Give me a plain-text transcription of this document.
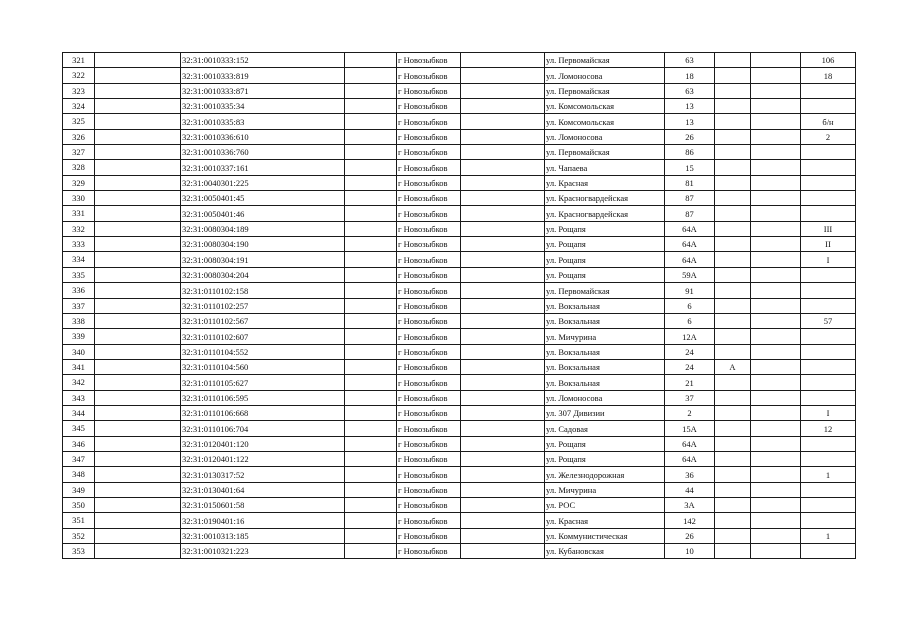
321		32:31:0010333:152		г Новозыбков		ул. Первомайская	63			106
322		32:31:0010333:819		г Новозыбков		ул. Ломоносова	18			18
323		32:31:0010333:871		г Новозыбков		ул. Первомайская	63			
324		32:31:0010335:34		г Новозыбков		ул. Комсомольская	13			
325		32:31:0010335:83		г Новозыбков		ул. Комсомольская	13			б/н
326		32:31:0010336:610		г Новозыбков		ул. Ломоносова	26			2
327		32:31:0010336:760		г Новозыбков		ул. Первомайская	86			
328		32:31:0010337:161		г Новозыбков		ул. Чапаева	15			
329		32:31:0040301:225		г Новозыбков		ул. Красная	81			
330		32:31:0050401:45		г Новозыбков		ул. Красногвардейская	87			
331		32:31:0050401:46		г Новозыбков		ул. Красногвардейская	87			
332		32:31:0080304:189		г Новозыбков		ул. Рощапя	64А			III
333		32:31:0080304:190		г Новозыбков		ул. Рощапя	64А			II
334		32:31:0080304:191		г Новозыбков		ул. Рощапя	64А			I
335		32:31:0080304:204		г Новозыбков		ул. Рощапя	59А			
336		32:31:0110102:158		г Новозыбков		ул. Первомайская	91			
337		32:31:0110102:257		г Новозыбков		ул. Вокзальная	6			
338		32:31:0110102:567		г Новозыбков		ул. Вокзальная	6			57
339		32:31:0110102:607		г Новозыбков		ул. Мичурина	12А			
340		32:31:0110104:552		г Новозыбков		ул. Вокзальная	24			
341		32:31:0110104:560		г Новозыбков		ул. Вокзальная	24	А		
342		32:31:0110105:627		г Новозыбков		ул. Вокзальная	21			
343		32:31:0110106:595		г Новозыбков		ул. Ломоносова	37			
344		32:31:0110106:668		г Новозыбков		ул. 307 Дивизии	2			I
345		32:31:0110106:704		г Новозыбков		ул. Садовая	15А			12
346		32:31:0120401:120		г Новозыбков		ул. Рощапя	64А			
347		32:31:0120401:122		г Новозыбков		ул. Рощапя	64А			
348		32:31:0130317:52		г Новозыбков		ул. Железнодорожная	36			1
349		32:31:0130401:64		г Новозыбков		ул. Мичурина	44			
350		32:31:0150601:58		г Новозыбков		ул. РОС	3А			
351		32:31:0190401:16		г Новозыбков		ул. Красная	142			
352		32:31:0010313:185		г Новозыбков		ул. Коммунистическая	26			1
353		32:31:0010321:223		г Новозыбков		ул. Кубановская	10			
